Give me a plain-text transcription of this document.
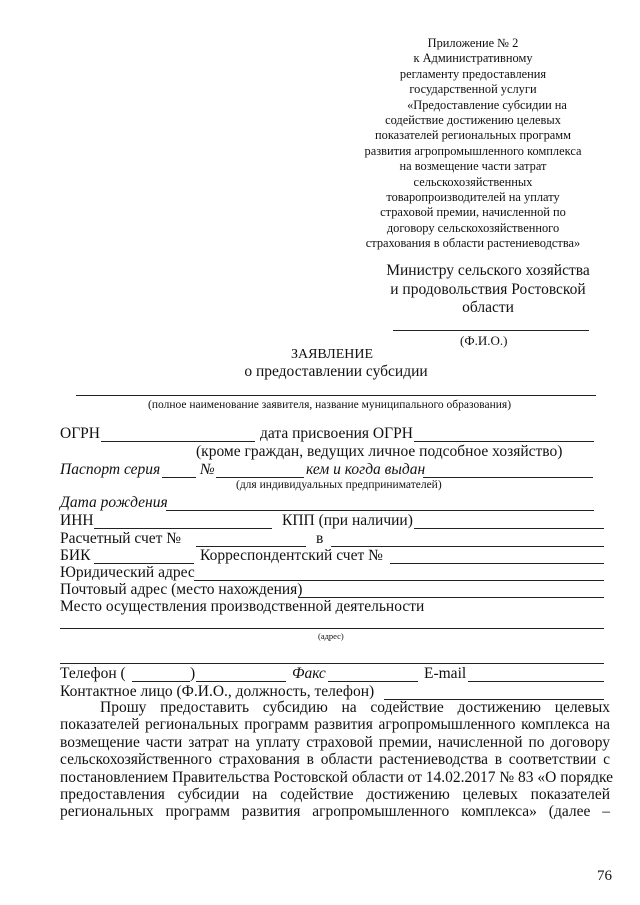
Приложение № 2
к Административному
регламенту предоставления
государственной услуги
«Предоставление субсидии на
содействие достижению целевых
показателей региональных программ
развития агропромышленного комплекса
на возмещение части затрат
сельскохозяйственных
товаропроизводителей на уплату
страховой премии, начисленной по
договору сельскохозяйственного
страхования в области растениеводства»
Министру сельского хозяйства
и продовольствия Ростовской
области
(Ф.И.О.)
ЗАЯВЛЕНИЕ
о предоставлении субсидии
(полное наименование заявителя, название муниципального образования)
ОГРН	дата присвоения ОГРН
(кроме граждан, ведущих личное подсобное хозяйство)
Паспорт серия	№	кем и когда выдан
(для индивидуальных предпринимателей)
Дата рождения
ИНН	КПП (при наличии)
Расчетный счет №	в
БИК	Корреспондентский счет №
Юридический адрес
Почтовый адрес (место нахождения)
Место осуществления производственной деятельности
(адрес)
Телефон (	)	Факс	E-mail
Контактное лицо (Ф.И.О., должность, телефон)
Прошу предоставить субсидию на содействие достижению целевых
показателей региональных программ развития агропромышленного комплекса на
возмещение части затрат на уплату страховой премии, начисленной по договору
сельскохозяйственного страхования в области растениеводства в соответствии с
постановлением Правительства Ростовской области от 14.02.2017 № 83 «О порядке
предоставления субсидии на содействие достижению целевых показателей
региональных программ развития агропромышленного комплекса» (далее –
76
